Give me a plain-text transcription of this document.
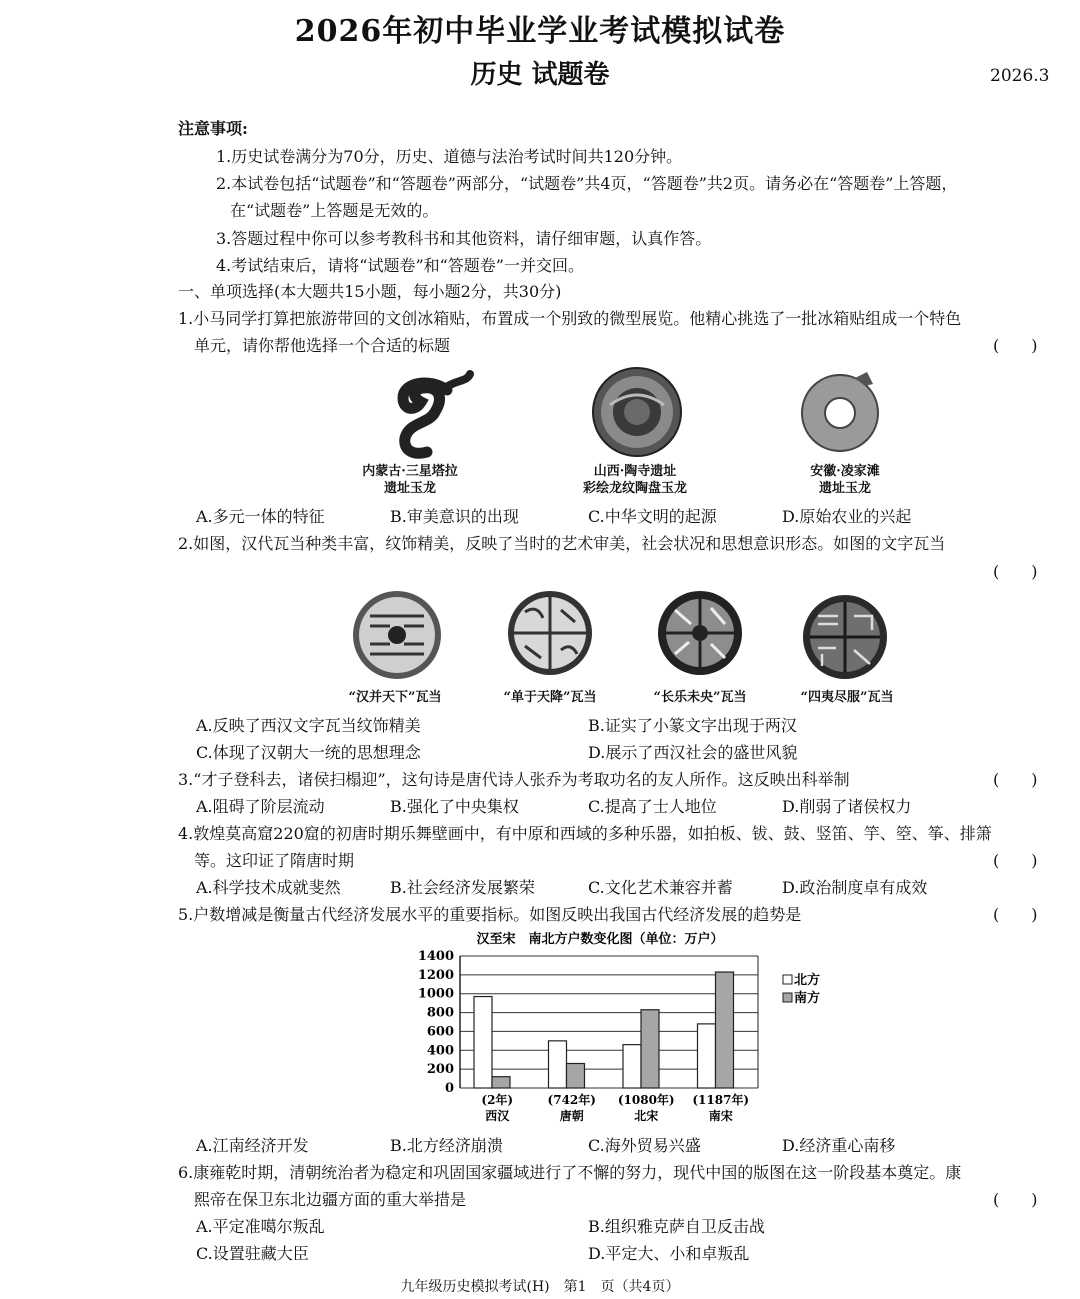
2026年初中毕业学业考试模拟试卷
历史 试题卷	2026.3
注意事项:
1.历史试卷满分为70分，历史、道德与法治考试时间共120分钟。
2.本试卷包括“试题卷”和“答题卷”两部分，“试题卷”共4页，“答题卷”共2页。请务必在“答题卷”上答题，
在“试题卷”上答题是无效的。
3.答题过程中你可以参考教科书和其他资料，请仔细审题，认真作答。
4.考试结束后，请将“试题卷”和“答题卷”一并交回。
一、单项选择(本大题共15小题，每小题2分，共30分)
1.小马同学打算把旅游带回的文创冰箱贴，布置成一个别致的微型展览。他精心挑选了一批冰箱贴组成一个特色
单元，请你帮他选择一个合适的标题	(　　)
内蒙古·三星塔拉
遗址玉龙
山西·陶寺遗址
彩绘龙纹陶盘玉龙
安徽·凌家滩
遗址玉龙
A.多元一体的特征	B.审美意识的出现	C.中华文明的起源	D.原始农业的兴起
2.如图，汉代瓦当种类丰富，纹饰精美，反映了当时的艺术审美，社会状况和思想意识形态。如图的文字瓦当
(　　)
“汉并天下”瓦当	“单于天降”瓦当	“长乐未央”瓦当	“四夷尽服”瓦当
A.反映了西汉文字瓦当纹饰精美	B.证实了小篆文字出现于两汉
C.体现了汉朝大一统的思想理念	D.展示了西汉社会的盛世风貌
3.“才子登科去，诸侯扫榻迎”，这句诗是唐代诗人张乔为考取功名的友人所作。这反映出科举制	(　　)
A.阻碍了阶层流动	B.强化了中央集权	C.提高了士人地位	D.削弱了诸侯权力
4.敦煌莫高窟220窟的初唐时期乐舞壁画中，有中原和西域的多种乐器，如拍板、钹、鼓、竖笛、竽、箜、筝、排箫
等。这印证了隋唐时期	(　　)
A.科学技术成就斐然	B.社会经济发展繁荣	C.文化艺术兼容并蓄	D.政治制度卓有成效
5.户数增减是衡量古代经济发展水平的重要指标。如图反映出我国古代经济发展的趋势是	(　　)
汉至宋　南北方户数变化图（单位：万户）
0
200
400
600
800
1000
1200
1400
(2年)
西汉
(742年)
唐朝
(1080年)
北宋
(1187年)
南宋
北方
南方
A.江南经济开发	B.北方经济崩溃	C.海外贸易兴盛	D.经济重心南移
6.康雍乾时期，清朝统治者为稳定和巩固国家疆域进行了不懈的努力，现代中国的版图在这一阶段基本奠定。康
熙帝在保卫东北边疆方面的重大举措是	(　　)
A.平定准噶尔叛乱	B.组织雅克萨自卫反击战
C.设置驻藏大臣	D.平定大、小和卓叛乱
九年级历史模拟考试(H)　第1　页（共4页）
